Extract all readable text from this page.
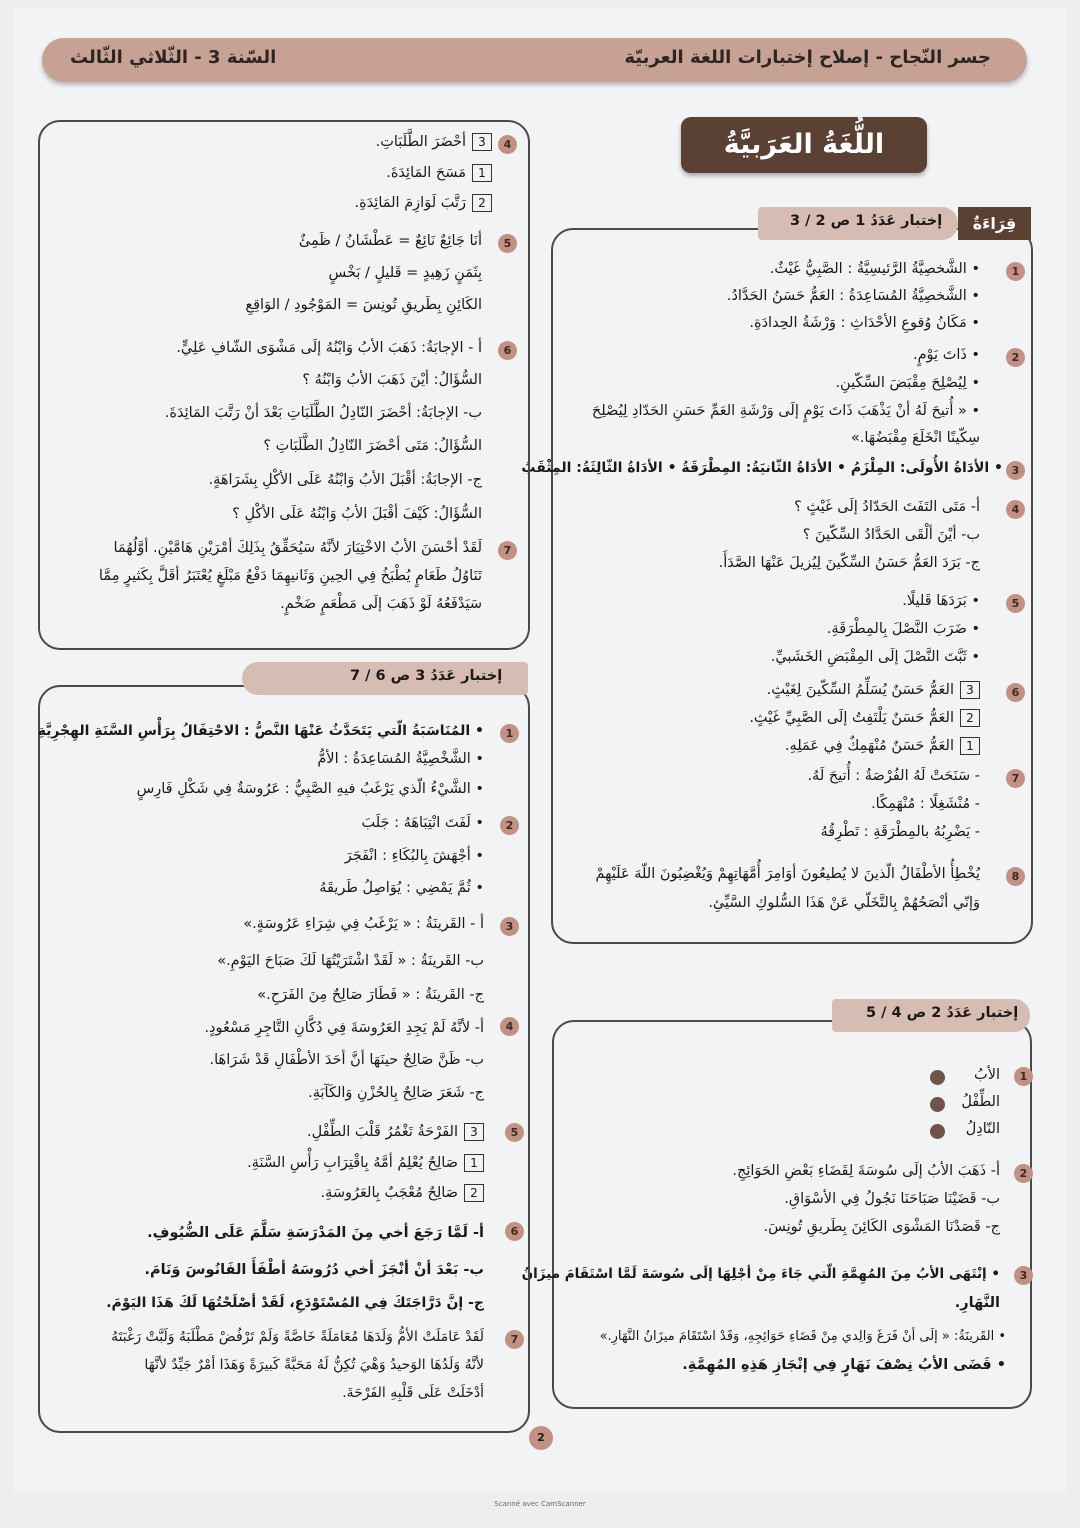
جسر النّجاح - إصلاح إختبارات اللغة العربيّة
السّنة 3 - الثّلاثي الثّالث
اللُّغَةُ العَرَبيَّةُ
إختبار عَدَدُ 1 ص 2 / 3	قِرَاءَةٌ
1
• الشَّخصِيَّةُ الرَّئيسِيَّةُ : الصَّبِيُّ غَيْثٌ.
• الشَّخصِيَّةُ المُسَاعِدَةُ : العَمُّ حَسَنُ الحَدَّادُ.
• مَكَانُ وُقوعِ الأحْدَاثِ : وَرْشَةُ الحِدادَةِ.
2
• ذَاتَ يَوْمٍ.
• لِيُصْلِحَ مِقْبَضَ السِّكّينِ.
• « أُتيحَ لَهُ أنْ يَذْهَبَ ذَاتَ يَوْمٍ إلَى وَرْشَةِ العَمِّ حَسَنِ الحَدّادِ لِيُصْلِحَ
سِكّينًا انْخَلَعَ مِقْبَضُهَا.»
3
• الأدَاةُ الأُولَى: المِلْزَمُ • الأدَاةُ الثّانيَةُ: المِطْرَقَةُ • الأدَاةُ الثّالِثَةُ: المِثْقَبُ
4
أ- مَتَى التَفَتَ الحَدّادُ إلَى غَيْثٍ ؟
ب- أيْنَ ألْقَى الحَدَّادُ السِّكّينَ ؟
ج- بَرَدَ العَمُّ حَسَنُ السِّكّينَ لِيُزيلَ عَنْهَا الصَّدَأَ.
5
• بَرَدَهَا قَليلًا.
• ضَرَبَ النَّصْلَ بِالمِطْرَقَةِ.
• ثَبَّتَ النَّصْلَ إلَى المِقْبَضِ الخَشَبيِّ.
6
3العَمُّ حَسَنٌ يُسَلِّمُ السِّكّينَ لِغَيْثٍ.
2العَمُّ حَسَنٌ يَلْتَفِتُ إلَى الصَّبِيِّ غَيْثٍ.
1العَمُّ حَسَنٌ مُنْهَمِكٌ فِي عَمَلِهِ.
7
- سَنَحَتْ لَهُ الفُرْصَةُ : أُتيحَ لَهُ.
- مُنْشَغِلًا : مُنْهَمِكًا.
- يَضْرِبُهُ بالمِطْرَقَةِ : تَطْرِقُهُ
8
يُخْطِأُ الأطْفَالُ الّذينَ لا يُطيعُونَ أوَامِرَ أُمَّهَاتِهِمْ وَيُغْضِبُونَ اللّهَ عَلَيْهِمْ
وَإنّي أنْصَحُهُمْ بِالتَّخَلّي عَنْ هَذَا السُّلوكِ السَّيِّئِ.
إختبار عَدَدُ 2 ص 4 / 5
1
الأبُ
الطِّفْلُ
النّادِلُ
2
أ- ذَهَبَ الأبُ إلَى سُوسَةَ لِقَضَاءِ بَعْضِ الحَوَائِجِ.
ب- قَضَيْنَا صَبَاحَنَا نَجُولُ فِي الأسْوَاقِ.
ج- قَصَدْنَا المَشْوَى الكَائِنَ بِطَريقِ تُونِسَ.
3
• إنْتَهَى الأبُ مِنَ المُهِمَّةِ الّتي جَاءَ مِنْ أجْلِهَا إلَى سُوسَةَ لَمَّا اسْتَقَامَ ميزَانُ
النَّهَارِ.
• القَرينَةُ: « إلَى أنْ فَرَغَ وَالِدي مِنْ قَضَاءِ حَوَائِجِهِ، وَقَدْ اسْتَقَامَ ميزَانُ النَّهَارِ.»
• قَضَى الأبُ نِصْفَ نَهَارٍ فِي إنْجَازِ هَذِهِ المُهِمَّةِ.
4
3أحْضَرَ الطَّلَبَاتِ.
1مَسَحَ المَائِدَةَ.
2رَتَّبَ لَوَازِمَ المَائِدَةِ.
5
أنَا جَائِعٌ نَائِعٌ = عَطْشَانُ / ظَمِئٌ
بِثَمَنٍ زَهِيدٍ = قَليلٍ / بَخْسٍ
الكَائِنِ بِطَريقِ تُونِسَ = المَوْجُودِ / الوَاقِعِ
6
أ - الإجابَةُ: ذَهَبَ الأبُ وَابْنُهُ إلَى مَشْوَى الشّافِ عَلِيٍّ.
السُّؤَالُ: أيْنَ ذَهَبَ الأبُ وَابْنُهُ ؟
ب- الإجابَةُ: أحْضَرَ النّادِلُ الطَّلَبَاتِ بَعْدَ أنْ رَتَّبَ المَائِدَةَ.
السُّؤَالُ: مَتَى أحْضَرَ النّادِلُ الطَّلَبَاتِ ؟
ج- الإجابَةُ: أقْبَلَ الأبُ وَابْنُهُ عَلَى الأكْلِ بِشَرَاهَةٍ.
السُّؤَالُ: كَيْفَ أقْبَلَ الأبُ وَابْنُهُ عَلَى الأكْلِ ؟
7
لَقَدْ أحْسَنَ الأبُ الاخْتِيَارَ لأنَّهُ سَيُحَقِّقُ بِذَلِكَ أمْرَيْنِ هَامَّيْنِ. أوَّلُهُمَا
تَنَاوُلُ طَعَامٍ يُطْبَخُ فِي الحِينِ وَثَانيهِمَا دَفْعُ مَبْلَغٍ يُعْتَبَرُ أقَلَّ بِكَثيرٍ مِمَّا
سَيَدْفَعُهُ لَوْ ذَهَبَ إلَى مَطْعَمٍ ضَخْمٍ.
إختبار عَدَدُ 3 ص 6 / 7
1
• المُنَاسَبَةُ الّتي يَتَحَدَّثُ عَنْهَا النَّصُّ : الاحْتِفَالُ بِرَأْسِ السَّنَةِ الهِجْرِيَّةِ
• الشَّخْصِيَّةُ المُسَاعِدَةُ : الأمُّ
• الشَّيْءُ الّذي يَرْغَبُ فيهِ الصَّبِيُّ : عَرُوسَةٌ فِي شَكْلِ فَارِسٍ
2
• لَفَتَ انْتِبَاهَهُ : جَلَبَ
• أجْهَشَ بِالبُكَاءِ : انْفَجَرَ
• ثُمَّ يَمْضِي : يُوَاصِلُ طَريقَهُ
3
أ - القَرينَةُ : « يَرْغَبُ فِي شِرَاءِ عَرُوسَةٍ.»
ب- القَرينَةُ : « لَقَدْ اشْتَرَيْتُهَا لَكَ صَبَاحَ اليَوْمِ.»
ج- القَرينَةُ : « فَطَارَ صَالِحٌ مِنَ الفَرَحِ.»
4
أ- لأنَّهُ لَمْ يَجِدِ العَرُوسَةَ فِي دُكَّانِ التَّاجِرِ مَسْعُودٍ.
ب- ظَنَّ صَالِحٌ حينَهَا أنَّ أحَدَ الأطْفَالِ قَدْ شَرَاهَا.
ج- شَعَرَ صَالِحٌ بِالحُزْنِ وَالكَآبَةِ.
5
3الفَرْحَةُ تَغْمُرُ قَلْبَ الطِّفْلِ.
1صَالِحٌ يُعْلِمُ أمَّهُ بِاقْتِرَابِ رَأْسِ السَّنَةِ.
2صَالِحٌ مُعْجَبٌ بِالعَرُوسَةِ.
6
أ- لَمَّا رَجَعَ أخي مِنَ المَدْرَسَةِ سَلَّمَ عَلَى الضُّيُوفِ.
ب- بَعْدَ أنْ أنْجَزَ أخي دُرُوسَهُ أطْفَأَ الفَانُوسَ وَنَامَ.
ج- إنَّ دَرَّاجَتَكَ فِي المُسْتَوْدَعِ، لَقَدْ أصْلَحْتُهَا لَكَ هَذَا اليَوْمَ.
7
لَقَدْ عَامَلَتْ الأمُّ وَلَدَهَا مُعَامَلَةً خَاصَّةً وَلَمْ تَرْفُضْ مَطْلَبَهُ وَلَبَّتْ رَغْبَتَهُ
لأنَّهُ وَلَدُهَا الوَحيدُ وَهْيَ تُكِنُّ لَهُ مَحَبَّةً كَبيرَةً وَهَذَا أمْرٌ جَيِّدٌ لأنَّهَا
أدْخَلَتْ عَلَى قَلْبِهِ الفَرْحَةَ.
2
Scanné avec CamScanner
